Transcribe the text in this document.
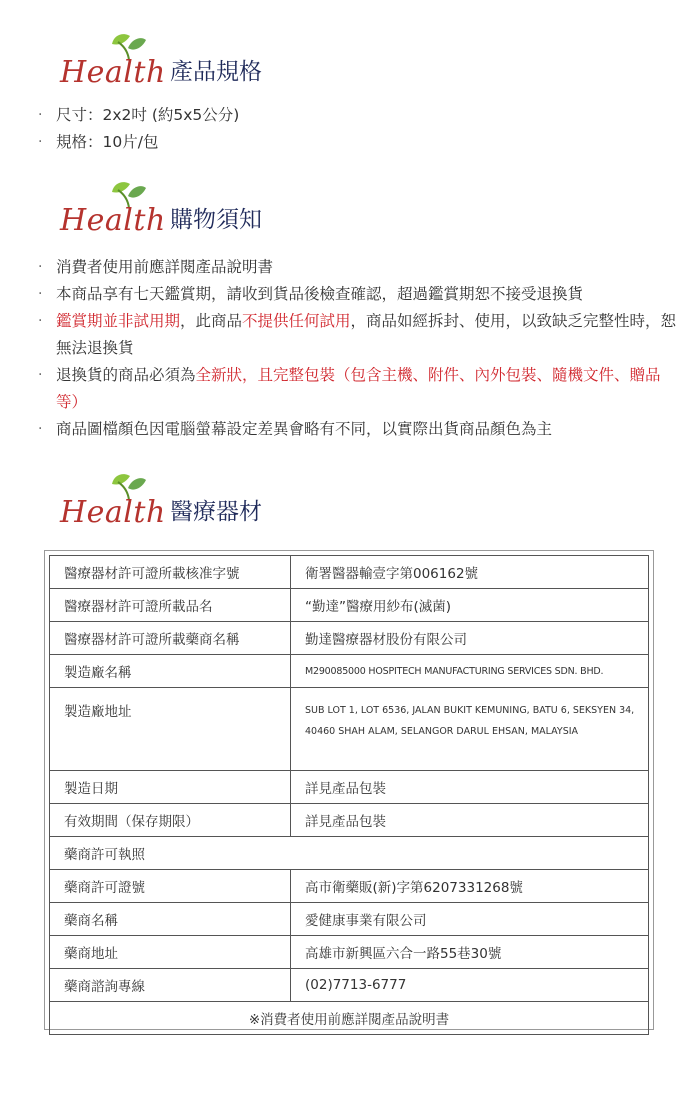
Health 產品規格
· 尺寸：2x2吋 (約5x5公分)
· 規格：10片/包
Health 購物須知
· 消費者使用前應詳閱產品說明書
· 本商品享有七天鑑賞期，請收到貨品後檢查確認，超過鑑賞期恕不接受退換貨
· 鑑賞期並非試用期，此商品不提供任何試用，商品如經拆封、使用，以致缺乏完整性時，恕無法退換貨
· 退換貨的商品必須為全新狀，且完整包裝（包含主機、附件、內外包裝、隨機文件、贈品等）
· 商品圖檔顏色因電腦螢幕設定差異會略有不同，以實際出貨商品顏色為主
Health 醫療器材
醫療器材許可證所載核准字號	衛署醫器輸壹字第006162號
醫療器材許可證所載品名	“勤達”醫療用紗布(滅菌)
醫療器材許可證所載藥商名稱	勤達醫療器材股份有限公司
製造廠名稱	M290085000 HOSPITECH MANUFACTURING SERVICES SDN. BHD.
製造廠地址	SUB LOT 1, LOT 6536, JALAN BUKIT KEMUNING, BATU 6, SEKSYEN 34, 40460 SHAH ALAM, SELANGOR DARUL EHSAN, MALAYSIA
製造日期	詳見產品包裝
有效期間（保存期限）	詳見產品包裝
藥商許可執照	
藥商許可證號	高市衛藥販(新)字第6207331268號
藥商名稱	愛健康事業有限公司
藥商地址	高雄市新興區六合一路55巷30號
藥商諮詢專線	(02)7713-6777
※消費者使用前應詳閱產品說明書	
